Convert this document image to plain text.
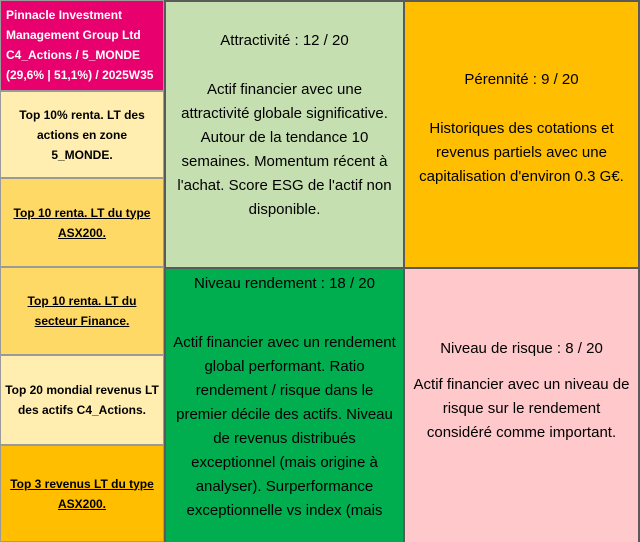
Pinnacle Investment
Management Group Ltd
C4_Actions / 5_MONDE
(29,6% | 51,1%) / 2025W35
Top 10% renta. LT des actions en zone 5_MONDE.
Top 10 renta. LT du type ASX200.
Top 10 renta. LT du secteur Finance.
Top 20 mondial revenus LT des actifs C4_Actions.
Top 3 revenus LT du type ASX200.
Attractivité : 12 / 20
Actif financier avec une attractivité globale significative. Autour de la tendance 10 semaines. Momentum récent à l'achat. Score ESG de l'actif non disponible.
Pérennité : 9 / 20
Historiques des cotations et revenus partiels avec une capitalisation d'environ 0.3 G€.
Niveau rendement : 18 / 20
Actif financier avec un rendement global performant. Ratio rendement / risque dans le premier décile des actifs. Niveau de revenus distribués exceptionnel (mais origine à analyser). Surperformance exceptionnelle vs index (mais
Niveau de risque : 8 / 20
Actif financier avec un niveau de risque sur le rendement considéré comme important.
